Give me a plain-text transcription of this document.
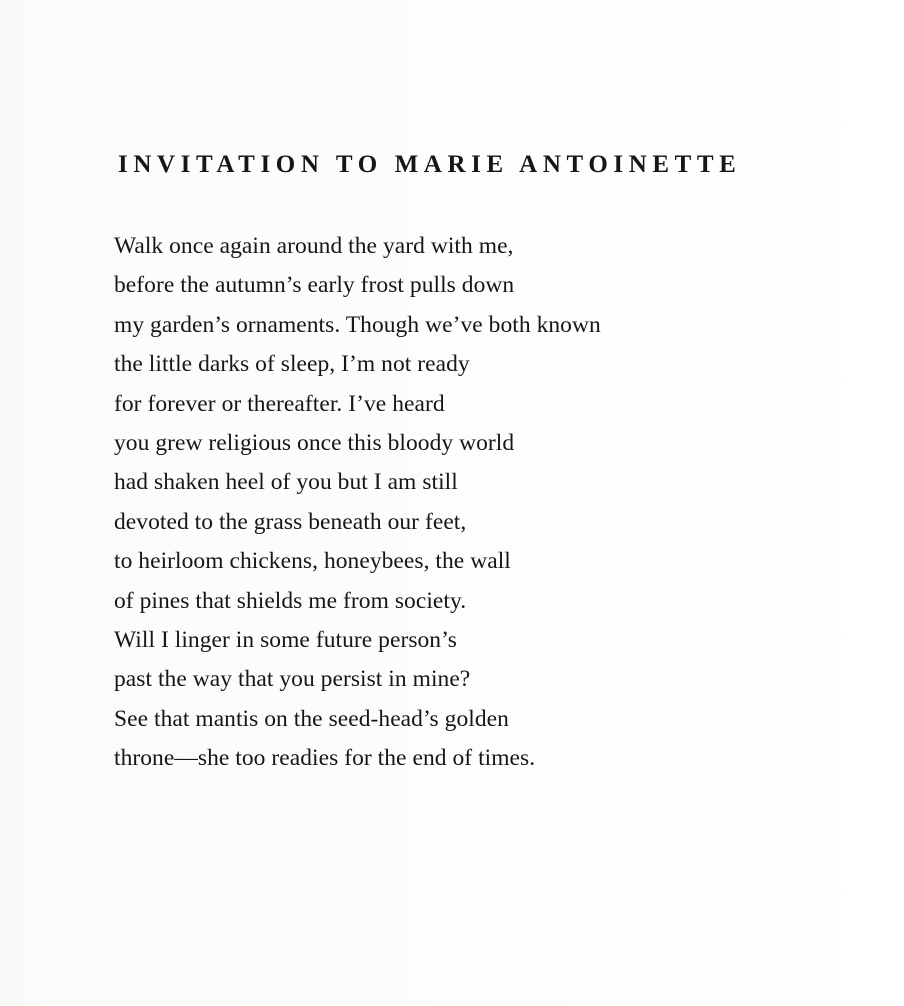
INVITATION TO MARIE ANTOINETTE
Walk once again around the yard with me,
before the autumn’s early frost pulls down
my garden’s ornaments. Though we’ve both known
the little darks of sleep, I’m not ready
for forever or thereafter. I’ve heard
you grew religious once this bloody world
had shaken heel of you but I am still
devoted to the grass beneath our feet,
to heirloom chickens, honeybees, the wall
of pines that shields me from society.
Will I linger in some future person’s
past the way that you persist in mine?
See that mantis on the seed-head’s golden
throne—she too readies for the end of times.
